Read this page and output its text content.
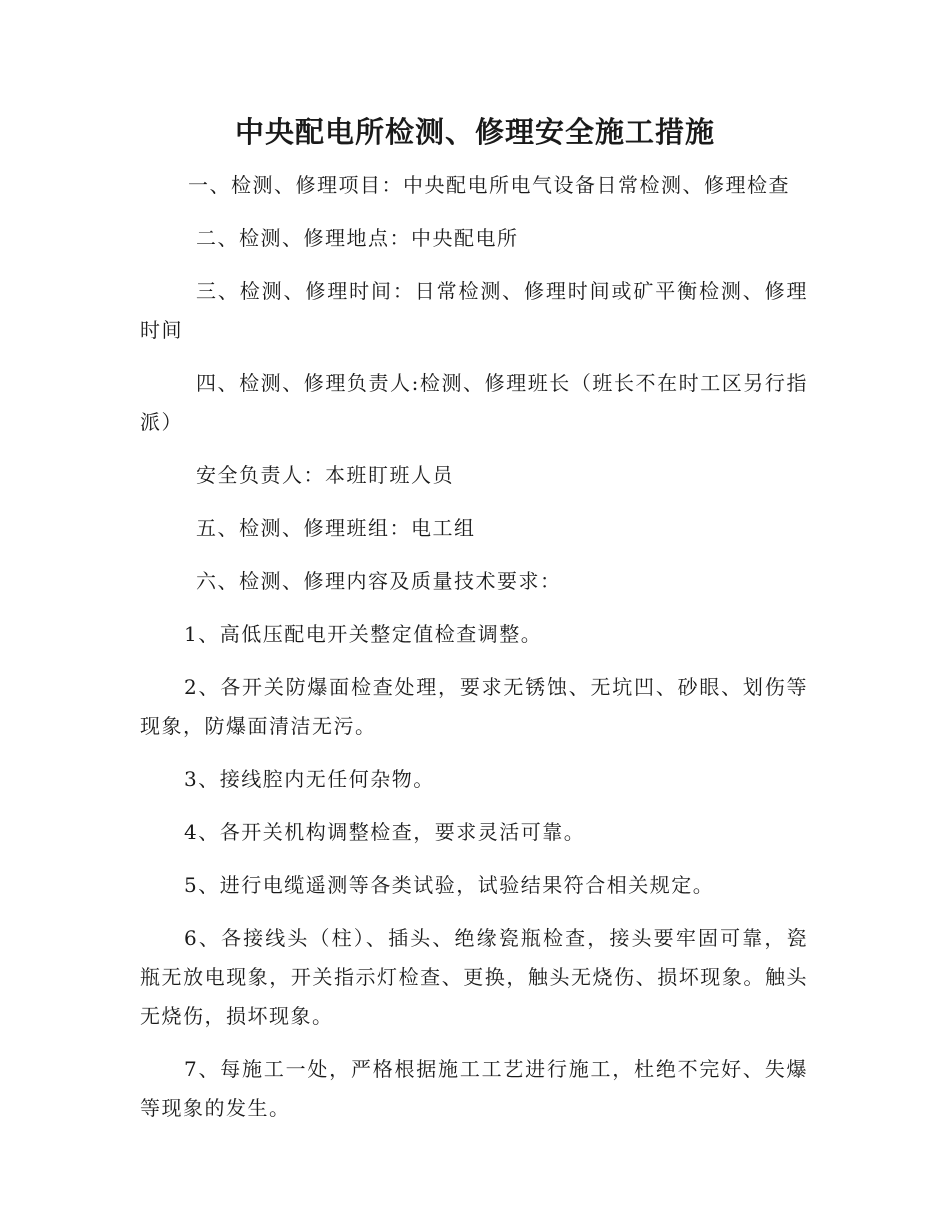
中央配电所检测、修理安全施工措施

一、检测、修理项目：中央配电所电气设备日常检测、修理检查

二、检测、修理地点：中央配电所

三、检测、修理时间：日常检测、修理时间或矿平衡检测、修理时间

四、检测、修理负责人:检测、修理班长（班长不在时工区另行指派）

安全负责人：本班盯班人员

五、检测、修理班组：电工组

六、检测、修理内容及质量技术要求：

1、高低压配电开关整定值检查调整。

2、各开关防爆面检查处理，要求无锈蚀、无坑凹、砂眼、划伤等现象，防爆面清洁无污。

3、接线腔内无任何杂物。

4、各开关机构调整检查，要求灵活可靠。

5、进行电缆遥测等各类试验，试验结果符合相关规定。

6、各接线头（柱）、插头、绝缘瓷瓶检查，接头要牢固可靠，瓷瓶无放电现象，开关指示灯检查、更换，触头无烧伤、损坏现象。触头无烧伤，损坏现象。

7、每施工一处，严格根据施工工艺进行施工，杜绝不完好、失爆等现象的发生。
